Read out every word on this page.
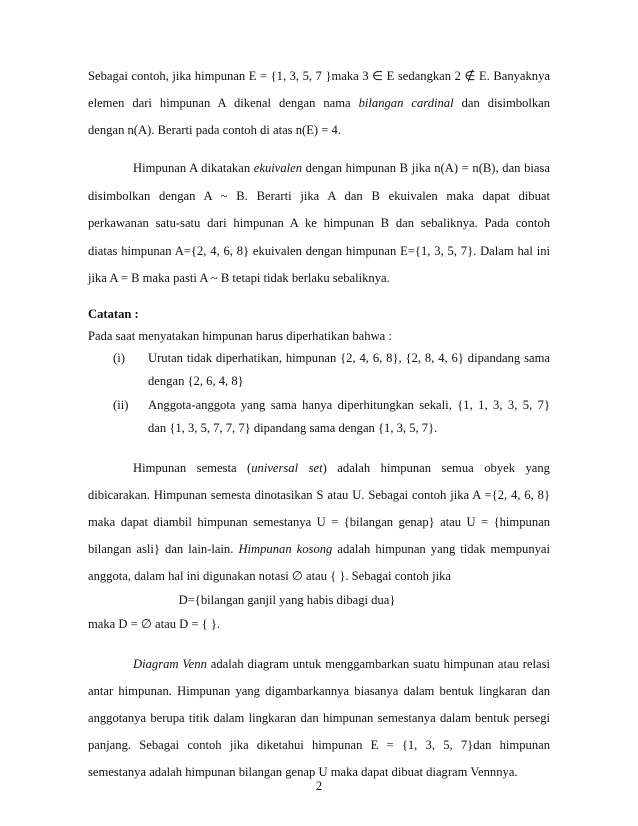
Sebagai contoh, jika himpunan E = {1, 3, 5, 7 }maka 3 ∈ E sedangkan 2 ∉ E. Banyaknya
elemen dari himpunan A dikenal dengan nama bilangan cardinal dan disimbolkan
dengan n(A). Berarti pada contoh di atas n(E) = 4.
Himpunan A dikatakan ekuivalen dengan himpunan B jika n(A) = n(B), dan biasa
disimbolkan dengan A ~ B. Berarti jika A dan B ekuivalen maka dapat dibuat
perkawanan satu-satu dari himpunan A ke himpunan B dan sebaliknya. Pada contoh
diatas himpunan A={2, 4, 6, 8} ekuivalen dengan himpunan E={1, 3, 5, 7}. Dalam hal ini
jika A = B maka pasti A ~ B tetapi tidak berlaku sebaliknya.
Catatan :
Pada saat menyatakan himpunan harus diperhatikan bahwa :
(i) Urutan tidak diperhatikan, himpunan {2, 4, 6, 8}, {2, 8, 4, 6} dipandang sama
dengan {2, 6, 4, 8}
(ii) Anggota-anggota yang sama hanya diperhitungkan sekali, {1, 1, 3, 3, 5, 7}
dan {1, 3, 5, 7, 7, 7} dipandang sama dengan {1, 3, 5, 7}.
Himpunan semesta (universal set) adalah himpunan semua obyek yang
dibicarakan. Himpunan semesta dinotasikan S atau U. Sebagai contoh jika A ={2, 4, 6, 8}
maka dapat diambil himpunan semestanya U = {bilangan genap} atau U = {himpunan
bilangan asli} dan lain-lain. Himpunan kosong adalah himpunan yang tidak mempunyai
anggota, dalam hal ini digunakan notasi ∅ atau { }. Sebagai contoh jika
D={bilangan ganjil yang habis dibagi dua}
maka D = ∅ atau D = { }.
Diagram Venn adalah diagram untuk menggambarkan suatu himpunan atau relasi
antar himpunan. Himpunan yang digambarkannya biasanya dalam bentuk lingkaran dan
anggotanya berupa titik dalam lingkaran dan himpunan semestanya dalam bentuk persegi
panjang. Sebagai contoh jika diketahui himpunan E = {1, 3, 5, 7}dan himpunan
semestanya adalah himpunan bilangan genap U maka dapat dibuat diagram Vennnya.
2
